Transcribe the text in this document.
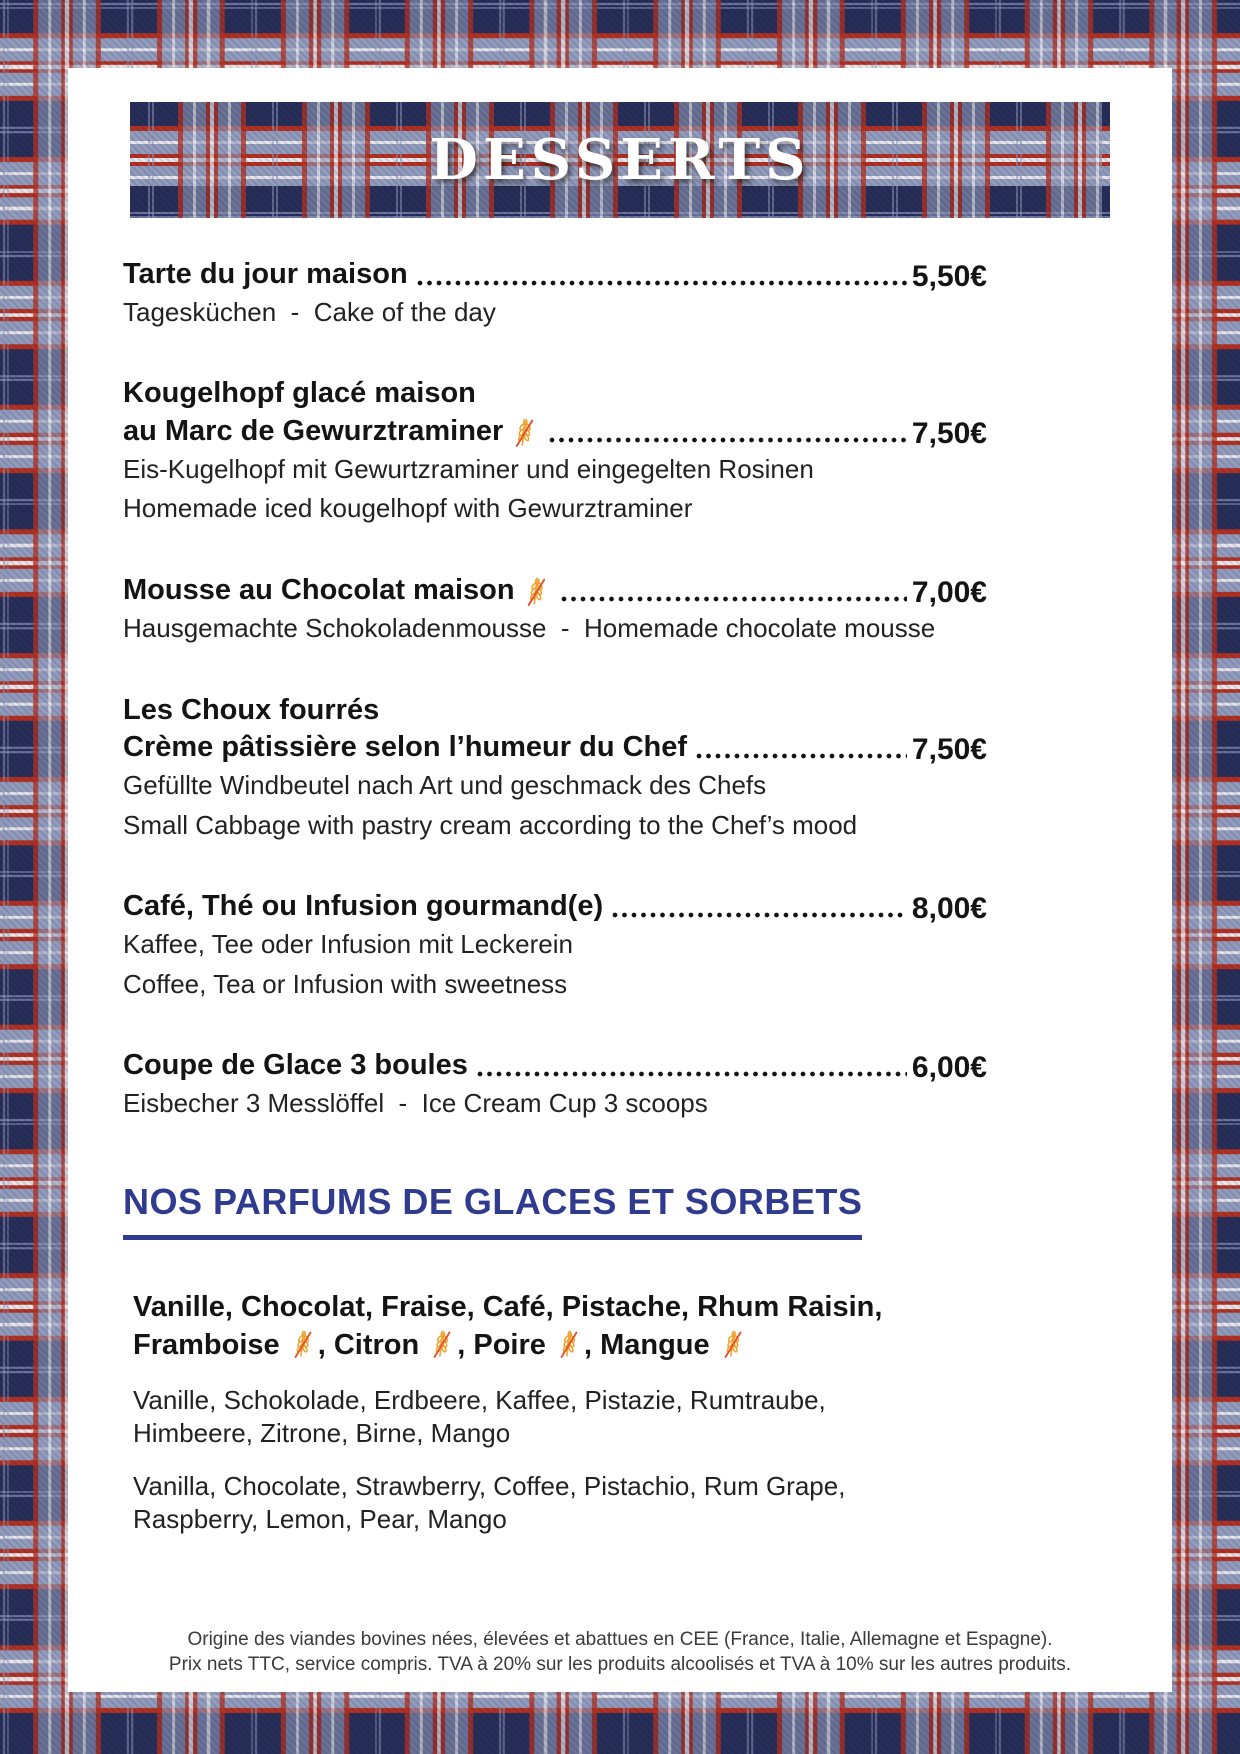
DESSERTS
Tarte du jour maison	5,50€
Tagesküchen  -  Cake of the day
Kougelhopf glacé maison
au Marc de Gewurztraminer	7,50€
Eis-Kugelhopf mit Gewurtzraminer und eingegelten Rosinen
Homemade iced kougelhopf with Gewurztraminer
Mousse au Chocolat maison	7,00€
Hausgemachte Schokoladenmousse  -  Homemade chocolate mousse
Les Choux fourrés
Crème pâtissière selon l’humeur du Chef	7,50€
Gefüllte Windbeutel nach Art und geschmack des Chefs
Small Cabbage with pastry cream according to the Chef’s mood
Café, Thé ou Infusion gourmand(e)	8,00€
Kaffee, Tee oder Infusion mit Leckerein
Coffee, Tea or Infusion with sweetness
Coupe de Glace 3 boules	6,00€
Eisbecher 3 Messlöffel  -  Ice Cream Cup 3 scoops
NOS PARFUMS DE GLACES ET SORBETS
Vanille, Chocolat, Fraise, Café, Pistache, Rhum Raisin,
Framboise , Citron , Poire , Mangue
Vanille, Schokolade, Erdbeere, Kaffee, Pistazie, Rumtraube,
Himbeere, Zitrone, Birne, Mango
Vanilla, Chocolate, Strawberry, Coffee, Pistachio, Rum Grape,
Raspberry, Lemon, Pear, Mango
Origine des viandes bovines nées, élevées et abattues en CEE (France, Italie, Allemagne et Espagne).
Prix nets TTC, service compris. TVA à 20% sur les produits alcoolisés et TVA à 10% sur les autres produits.
